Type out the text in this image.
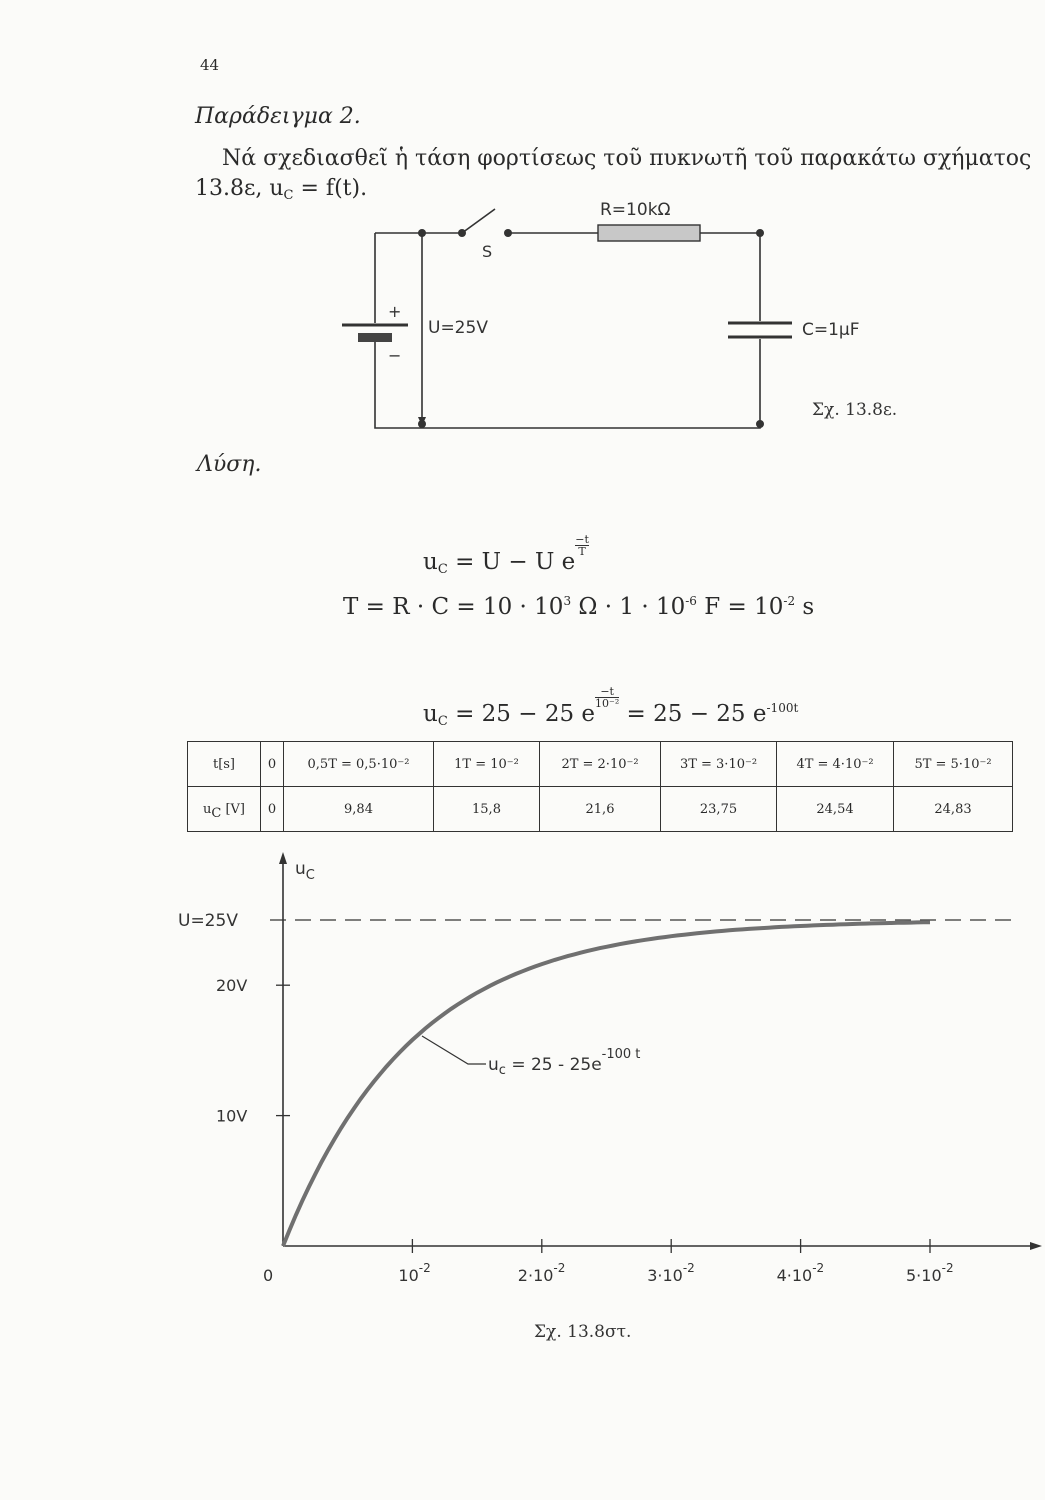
44
Παράδειγμα 2.
Νά σχεδιασθεῖ ἡ τάση φορτίσεως τοῦ πυκνωτῆ τοῦ παρακάτω σχήματος
13.8ε, uC = f(t).
R=10kΩ
S
U=25V
+
−
C=1μF
Σχ. 13.8ε.
Λύση.
uC = U − U e
$\frac{-t}{T}$
$T = R \cdot C = 10 \cdot 10^3$ $\Omega \cdot 1 \cdot 10^{-6}$ $F = 10^{-2}$ s
uC = 25 − 25 e
$\frac{-t}{\text{10⁻²}}$
= 25 − 25 $e^{-100t}$
t[s]	0	0,5T = 0,5·10⁻²	1T = 10⁻²	2T = 2·10⁻²	3T = 3·10⁻²	4T = 4·10⁻²	5T = 5·10⁻²
uC [V]	0	9,84	15,8	21,6	23,75	24,54	24,83
$u_C$
U=25V
20V
10V
$u_c = 25 - 25e^{-100 t}$
0	$10^{-2}$	$2\cdot 10^{-2}$	$3\cdot 10^{-2}$	$4\cdot 10^{-2}$	$5\cdot 10^{-2}$
Σχ. 13.8στ.
